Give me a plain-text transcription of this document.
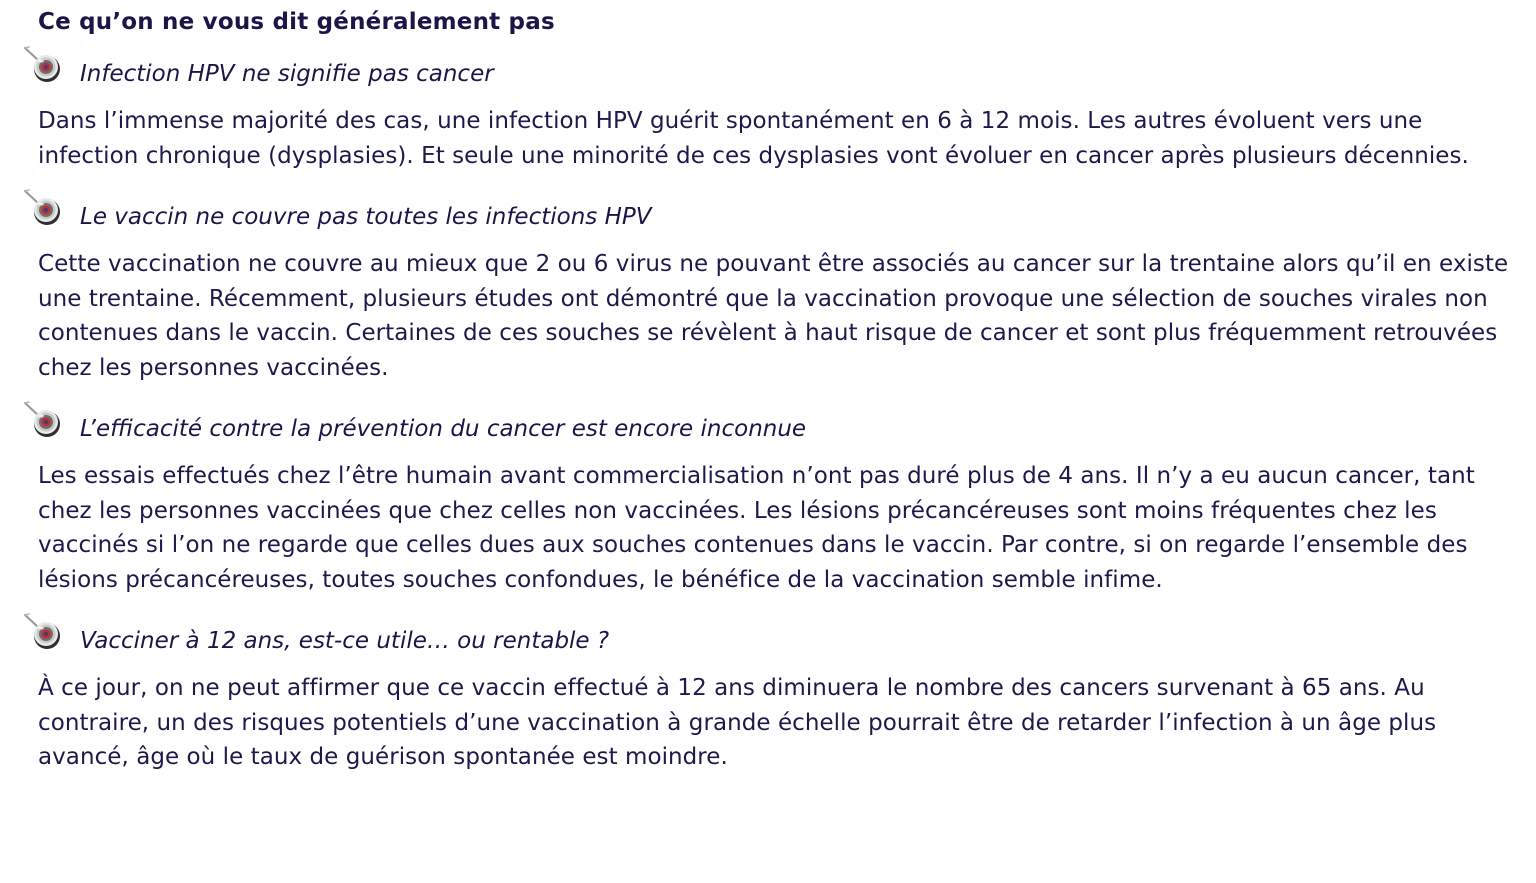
Ce qu’on ne vous dit généralement pas
Infection HPV ne signifie pas cancer

Dans l’immense majorité des cas, une infection HPV guérit spontanément en 6 à 12 mois. Les autres évoluent vers une infection chronique (dysplasies). Et seule une minorité de ces dysplasies vont évoluer en cancer après plusieurs décennies.

Le vaccin ne couvre pas toutes les infections HPV

Cette vaccination ne couvre au mieux que 2 ou 6 virus ne pouvant être associés au cancer sur la trentaine alors qu’il en existe une trentaine. Récemment, plusieurs études ont démontré que la vaccination provoque une sélection de souches virales non contenues dans le vaccin. Certaines de ces souches se révèlent à haut risque de cancer et sont plus fréquemment retrouvées chez les personnes vaccinées.

L’efficacité contre la prévention du cancer est encore inconnue

Les essais effectués chez l’être humain avant commercialisation n’ont pas duré plus de 4 ans. Il n’y a eu aucun cancer, tant chez les personnes vaccinées que chez celles non vaccinées. Les lésions précancéreuses sont moins fréquentes chez les vaccinés si l’on ne regarde que celles dues aux souches contenues dans le vaccin. Par contre, si on regarde l’ensemble des lésions précancéreuses, toutes souches confondues, le bénéfice de la vaccination semble infime.

Vacciner à 12 ans, est-ce utile… ou rentable ?

À ce jour, on ne peut affirmer que ce vaccin effectué à 12 ans diminuera le nombre des cancers survenant à 65 ans. Au contraire, un des risques potentiels d’une vaccination à grande échelle pourrait être de retarder l’infection à un âge plus avancé, âge où le taux de guérison spontanée est moindre.
